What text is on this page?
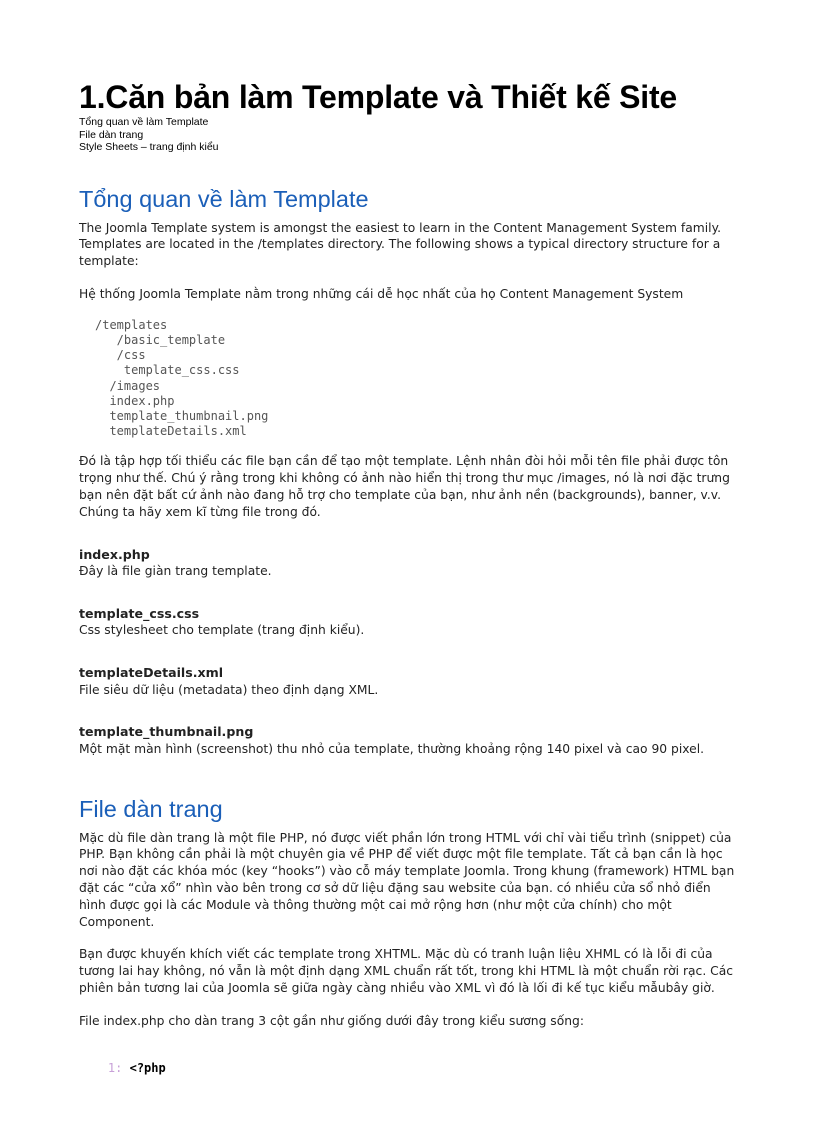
1.Căn bản làm Template và Thiết kế Site
Tổng quan về làm Template
File dàn trang
Style Sheets – trang định kiểu
Tổng quan về làm Template

The Joomla Template system is amongst the easiest to learn in the Content Management System family. Templates are located in the /templates directory. The following shows a typical directory structure for a template:

Hệ thống Joomla Template nằm trong những cái dễ học nhất của họ Content Management System

/templates
/basic_template
/css
template_css.css
/images
index.php
template_thumbnail.png
templateDetails.xml

Đó là tập hợp tối thiểu các file bạn cần để tạo một template. Lệnh nhân đòi hỏi mỗi tên file phải được tôn trọng như thế. Chú ý rằng trong khi không có ảnh nào hiển thị trong thư mục /images, nó là nơi đặc trưng bạn nên đặt bất cứ ảnh nào đang hỗ trợ cho template của bạn, như ảnh nền (backgrounds), banner, v.v. Chúng ta hãy xem kĩ từng file trong đó.

index.php

Đây là file giàn trang template.

template_css.css

Css stylesheet cho template (trang định kiểu).

templateDetails.xml

File siêu dữ liệu (metadata) theo định dạng XML.

template_thumbnail.png

Một mặt màn hình (screenshot) thu nhỏ của template, thường khoảng rộng 140 pixel và cao 90 pixel.

File dàn trang

Mặc dù file dàn trang là một file PHP, nó được viết phần lớn trong HTML với chỉ vài tiểu trình (snippet) của PHP. Bạn không cần phải là một chuyên gia về PHP để viết được một file template. Tất cả bạn cần là học nơi nào đặt các khóa móc (key “hooks”) vào cỗ máy template Joomla. Trong khung (framework) HTML bạn đặt các “cửa xổ” nhìn vào bên trong cơ sở dữ liệu đặng sau website của bạn. có nhiều cửa sổ nhỏ điển hình được gọi là các Module và thông thường một cai mở rộng hơn (như một cửa chính) cho một Component.

Bạn được khuyến khích viết các template trong XHTML. Mặc dù có tranh luận liệu XHML có là lỗi đi của tương lai hay không, nó vẫn là một định dạng XML chuẩn rất tốt, trong khi HTML là một chuẩn rời rạc. Các phiên bản tương lai của Joomla sẽ giữa ngày càng nhiều vào XML vì đó là lối đi kế tục kiểu mẫubây giờ.

File index.php cho dàn trang 3 cột gần như giống dưới đây trong kiểu sương sống:

1: <?php
